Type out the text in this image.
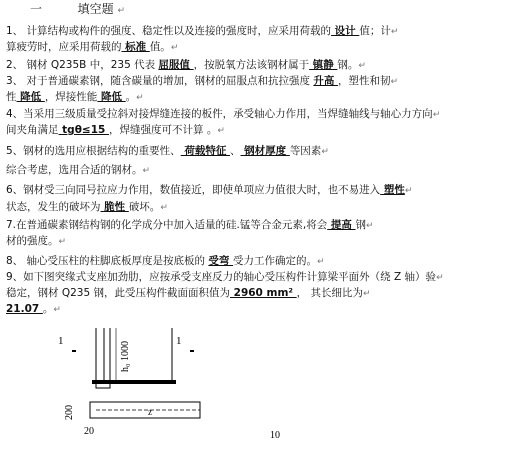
一	填空题 ↵
1、 计算结构或构件的强度、稳定性以及连接的强度时，应采用荷载的 设计 值；计↵
算疲劳时，应采用荷载的 标准 值。↵
2、 钢材 Q235B 中，235 代表 屈服值 ，按脱氧方法该钢材属于 镇静 钢。↵
3、 对于普通碳素钢，随含碳量的增加，钢材的屈服点和抗拉强度 升高 ，塑性和韧↵
性 降低 ，焊接性能 降低 。↵
4、当采用三级质量受拉斜对接焊缝连接的板件，承受轴心力作用，当焊缝轴线与轴心力方向↵
间夹角满足 tgθ≤15 ，焊缝强度可不计算 。↵
5、钢材的选用应根据结构的重要性、 荷载特征 、 钢材厚度 等因素↵
综合考虑，选用合适的钢材。↵
6、钢材受三向同号拉应力作用，数值接近，即使单项应力值很大时，也不易进入 塑性↵
状态，发生的破坏为 脆性 破坏。↵
7.在普通碳素钢结构钢的化学成分中加入适量的硅.锰等合金元素,将会 提高 钢↵
材的强度。↵
8、 轴心受压柱的柱脚底板厚度是按底板的 受弯 受力工作确定的。↵
9、如下图突缘式支座加劲肋，应按承受支座反力的轴心受压构件计算梁平面外（绕 Z 轴）验↵
稳定，钢材 Q235 钢，此受压构件截面面积值为 2960 mm² ， 其长细比为↵
21.07 。↵
1	1
h₀ 1000
200	z
20	10
